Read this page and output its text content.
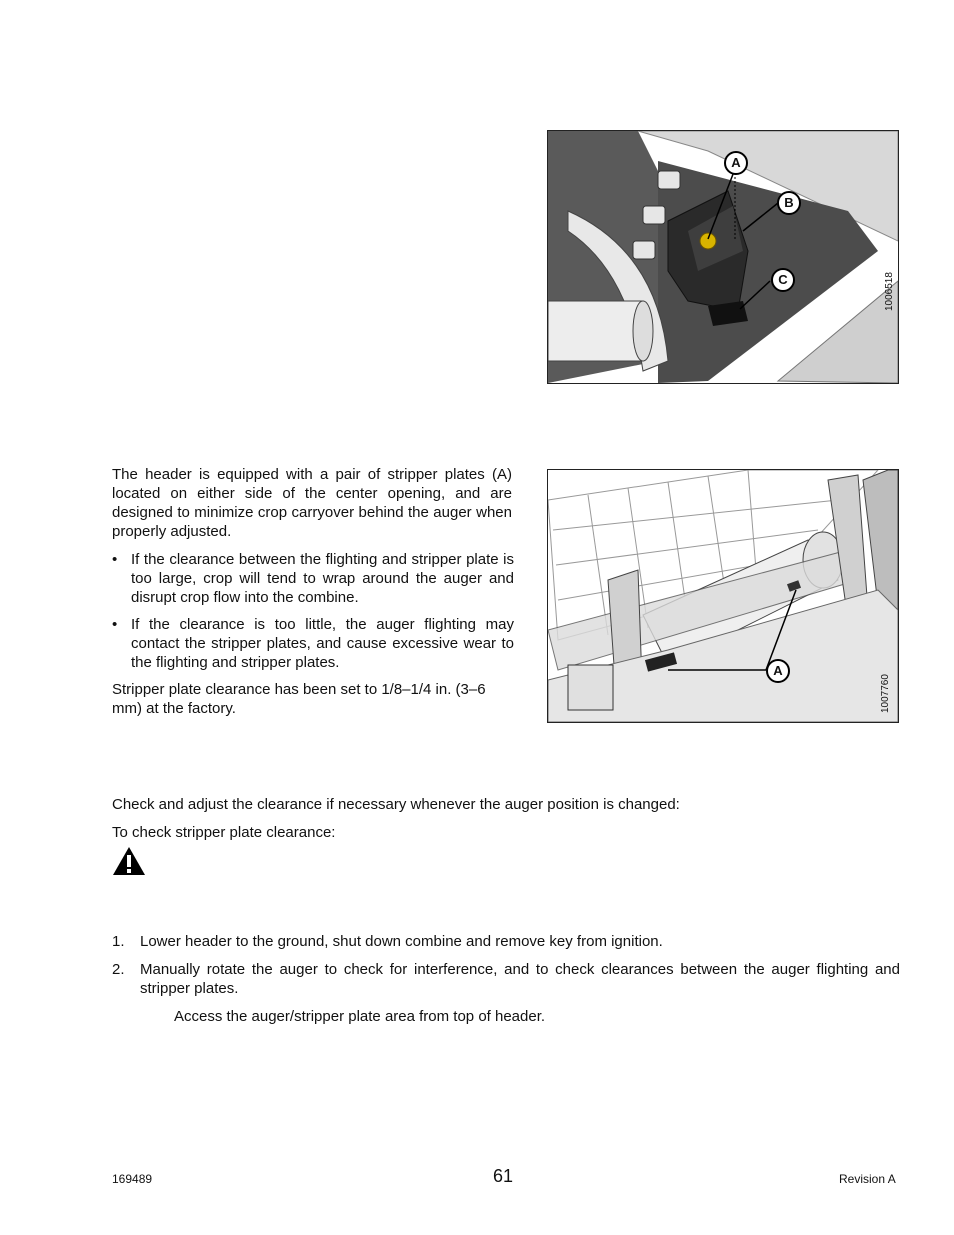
A
B
C	1006518

The header is equipped with a pair of stripper plates (A) located on either side of the center opening, and are designed to minimize crop carryover behind the auger when properly adjusted.

• If the clearance between the flighting and stripper plate is too large, crop will tend to wrap around the auger and disrupt crop flow into the combine.
• If the clearance is too little, the auger flighting may contact the stripper plates, and cause excessive wear to the flighting and stripper plates.

Stripper plate clearance has been set to 1/8–1/4 in. (3–6 mm) at the factory.

A
1007760

Check and adjust the clearance if necessary whenever the auger position is changed:

To check stripper plate clearance:

1. Lower header to the ground, shut down combine and remove key from ignition.
2. Manually rotate the auger to check for interference, and to check clearances between the auger flighting and stripper plates.

Access the auger/stripper plate area from top of header.

169489	61	Revision A
